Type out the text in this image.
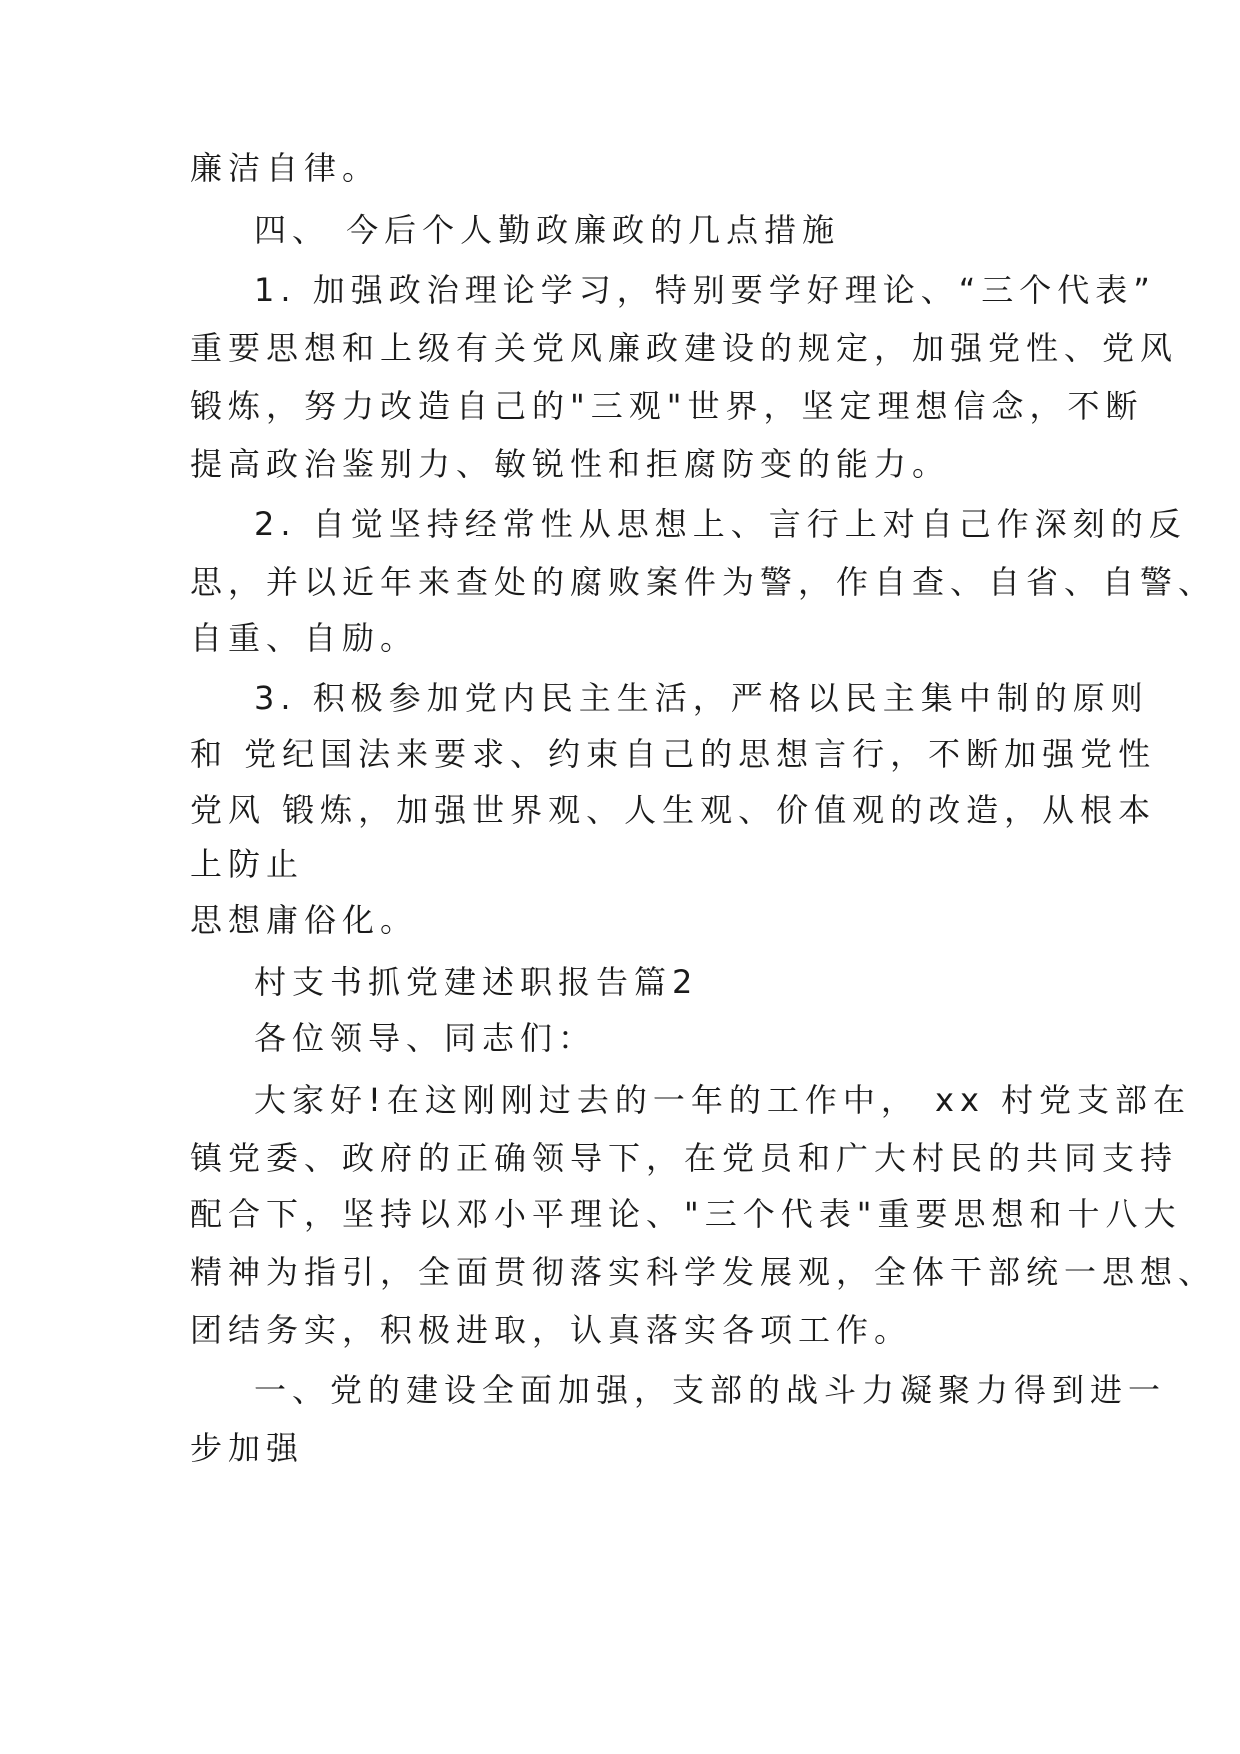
廉洁自律。
四、 今后个人勤政廉政的几点措施
1. 加强政治理论学习，特别要学好理论、“三个代表”
重要思想和上级有关党风廉政建设的规定，加强党性、党风
锻炼，努力改造自己的"三观"世界，坚定理想信念，不断
提高政治鉴别力、敏锐性和拒腐防变的能力。
2. 自觉坚持经常性从思想上、言行上对自己作深刻的反
思，并以近年来查处的腐败案件为警，作自查、自省、自警、
自重、自励。
3. 积极参加党内民主生活，严格以民主集中制的原则
和 党纪国法来要求、约束自己的思想言行，不断加强党性
党风 锻炼，加强世界观、人生观、价值观的改造，从根本
上防止
思想庸俗化。
村支书抓党建述职报告篇2
各位领导、同志们：
大家好!在这刚刚过去的一年的工作中， xx 村党支部在
镇党委、政府的正确领导下，在党员和广大村民的共同支持
配合下，坚持以邓小平理论、"三个代表"重要思想和十八大
精神为指引，全面贯彻落实科学发展观，全体干部统一思想、
团结务实，积极进取，认真落实各项工作。
一、党的建设全面加强，支部的战斗力凝聚力得到进一
步加强
